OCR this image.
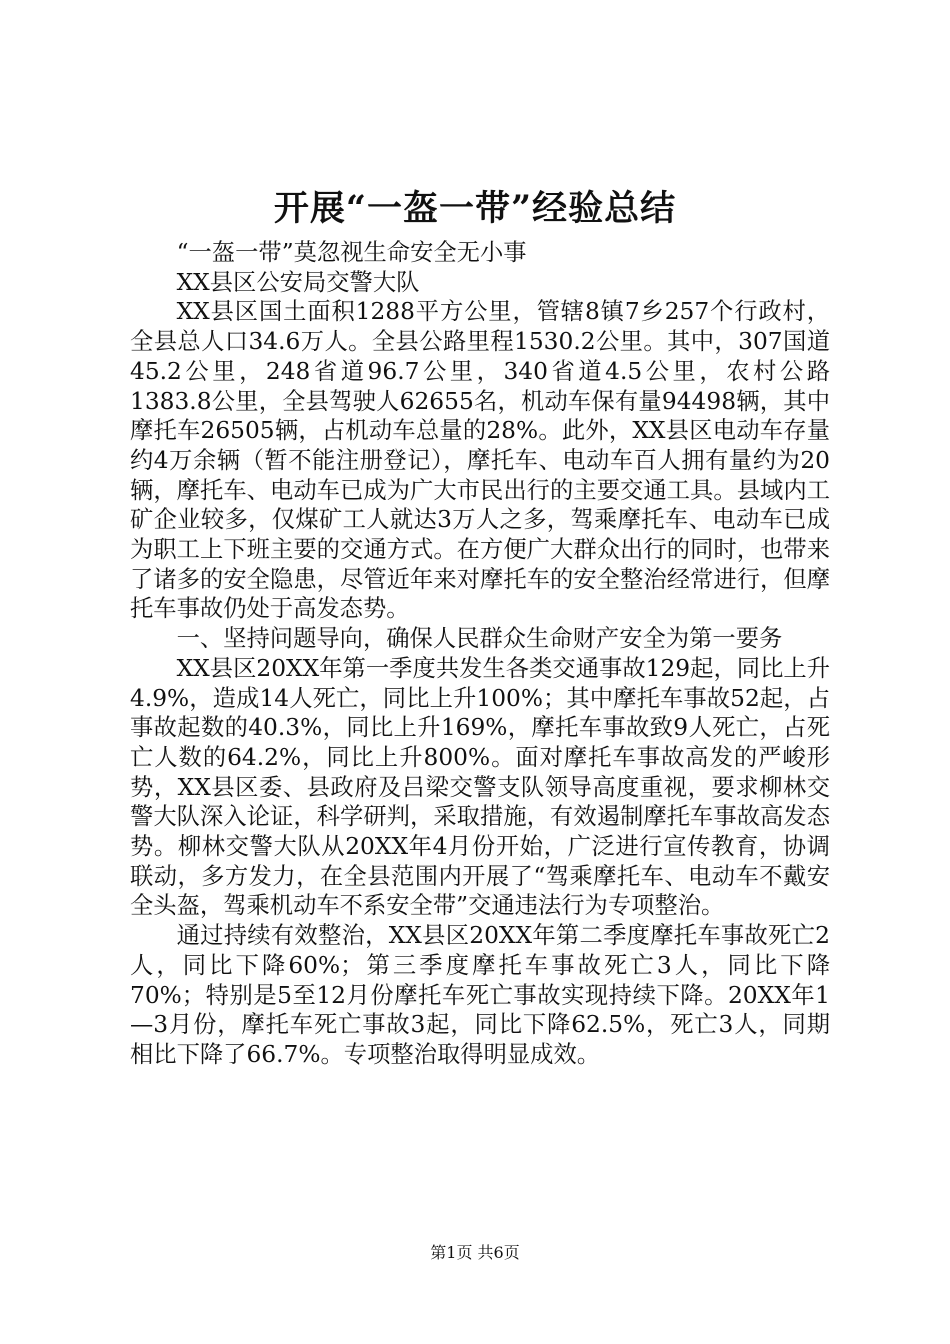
开展“一盔一带”经验总结

“一盔一带”莫忽视生命安全无小事

XX县区公安局交警大队

XX县区国土面积1288平方公里，管辖8镇7乡257个行政村，全县总人口34.6万人。全县公路里程1530.2公里。其中，307国道45.2公里，248省道96.7公里，340省道4.5公里，农村公路1383.8公里，全县驾驶人62655名，机动车保有量94498辆，其中摩托车26505辆，占机动车总量的28%。此外，XX县区电动车存量约4万余辆（暂不能注册登记），摩托车、电动车百人拥有量约为20辆，摩托车、电动车已成为广大市民出行的主要交通工具。县域内工矿企业较多，仅煤矿工人就达3万人之多，驾乘摩托车、电动车已成为职工上下班主要的交通方式。在方便广大群众出行的同时，也带来了诸多的安全隐患，尽管近年来对摩托车的安全整治经常进行，但摩托车事故仍处于高发态势。

一、坚持问题导向，确保人民群众生命财产安全为第一要务

XX县区20XX年第一季度共发生各类交通事故129起，同比上升4.9%，造成14人死亡，同比上升100%；其中摩托车事故52起，占事故起数的40.3%，同比上升169%，摩托车事故致9人死亡，占死亡人数的64.2%，同比上升800%。面对摩托车事故高发的严峻形势，XX县区委、县政府及吕梁交警支队领导高度重视，要求柳林交警大队深入论证，科学研判，采取措施，有效遏制摩托车事故高发态势。柳林交警大队从20XX年4月份开始，广泛进行宣传教育，协调联动，多方发力，在全县范围内开展了“驾乘摩托车、电动车不戴安全头盔，驾乘机动车不系安全带”交通违法行为专项整治。

通过持续有效整治，XX县区20XX年第二季度摩托车事故死亡2人，同比下降60%；第三季度摩托车事故死亡3人，同比下降70%；特别是5至12月份摩托车死亡事故实现持续下降。20XX年1—3月份，摩托车死亡事故3起，同比下降62.5%，死亡3人，同期相比下降了66.7%。专项整治取得明显成效。

第1页 共6页
